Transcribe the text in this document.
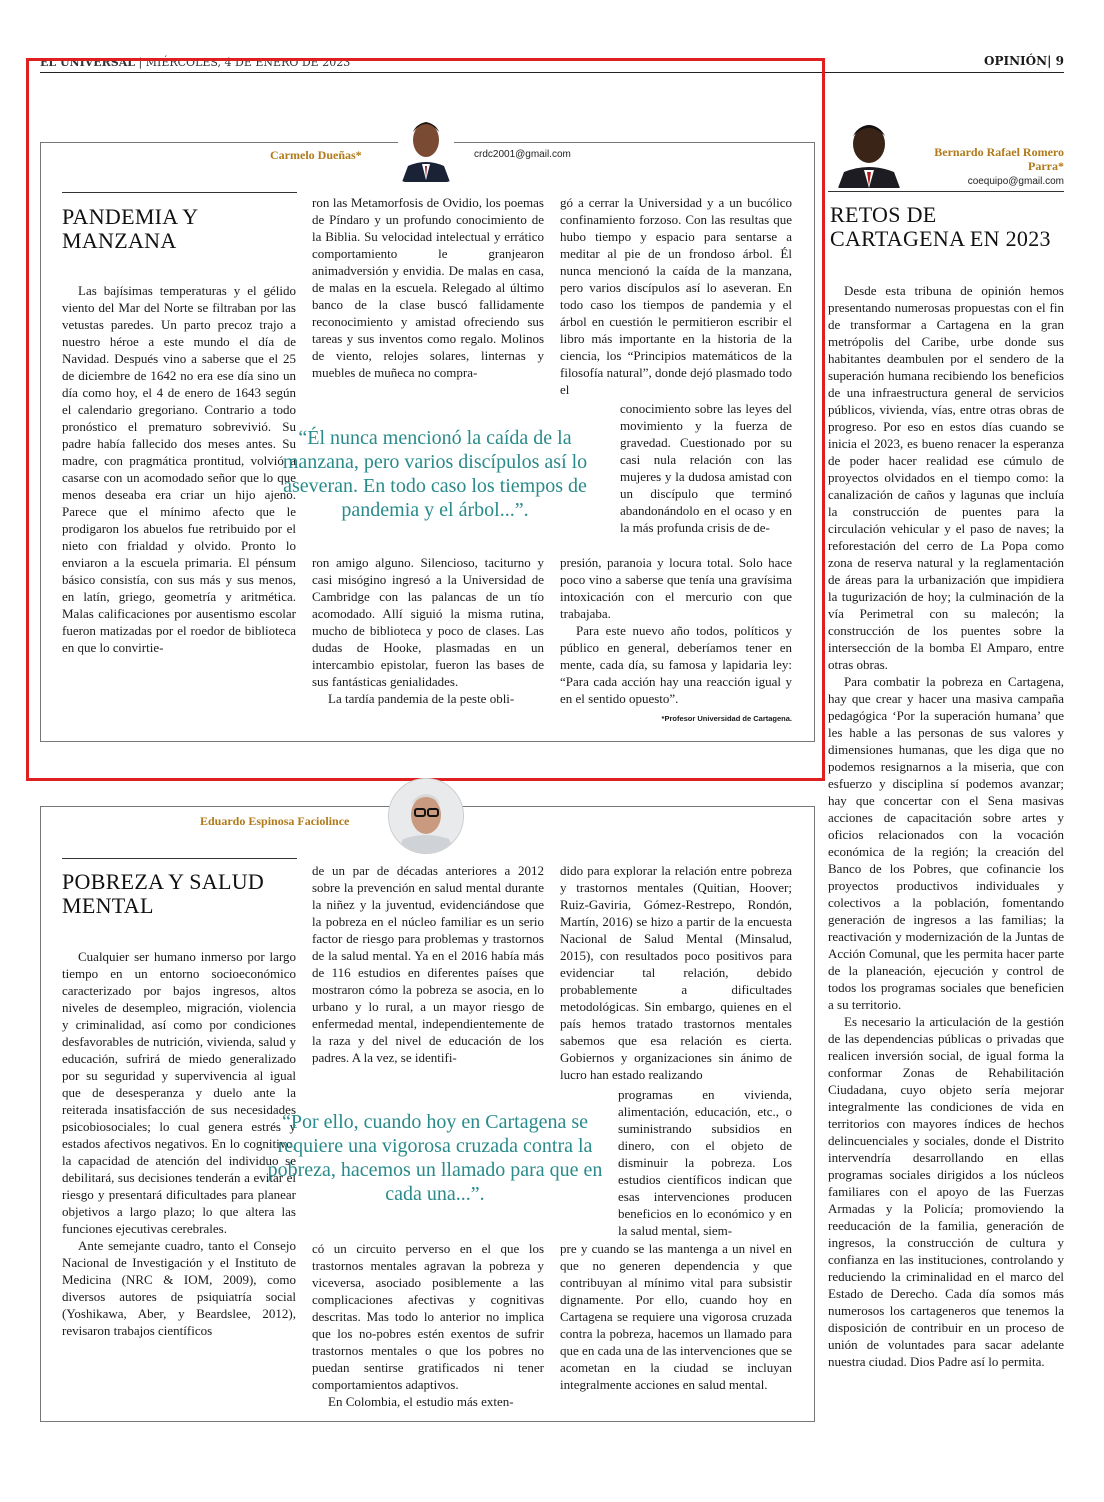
EL UNIVERSAL | MIÉRCOLES, 4 DE ENERO DE 2023	OPINIÓN| 9
Carmelo Dueñas*	crdc2001@gmail.com
PANDEMIA Y MANZANA

Las bajísimas temperaturas y el gélido viento del Mar del Norte se filtraban por las vetustas paredes. Un parto precoz trajo a nuestro héroe a este mundo el día de Navidad. Después vino a saberse que el 25 de diciembre de 1642 no era ese día sino un día como hoy, el 4 de enero de 1643 según el calendario gregoriano. Contrario a todo pronóstico el prematuro sobrevivió. Su padre había fallecido dos meses antes. Su madre, con pragmática prontitud, volvió a casarse con un acomodado señor que lo que menos deseaba era criar un hijo ajeno. Parece que el mínimo afecto que le prodigaron los abuelos fue retribuido por el nieto con frialdad y olvido. Pronto lo enviaron a la escuela primaria. El pénsum básico consistía, con sus más y sus menos, en latín, griego, geometría y aritmética. Malas calificaciones por ausentismo escolar fueron matizadas por el roedor de biblioteca en que lo convirtie-

ron las Metamorfosis de Ovidio, los poemas de Píndaro y un profundo conocimiento de la Biblia. Su velocidad intelectual y errático comportamiento le granjearon animadversión y envidia. De malas en casa, de malas en la escuela. Relegado al último banco de la clase buscó fallidamente reconocimiento y amistad ofreciendo sus tareas y sus inventos como regalo. Molinos de viento, relojes solares, linternas y muebles de muñeca no compra-

“Él nunca mencionó la caída de la manzana, pero varios discípulos así lo aseveran. En todo caso los tiempos de pandemia y el árbol...”.

ron amigo alguno. Silencioso, taciturno y casi misógino ingresó a la Universidad de Cambridge con las palancas de un tío acomodado. Allí siguió la misma rutina, mucho de biblioteca y poco de clases. Las dudas de Hooke, plasmadas en un intercambio epistolar, fueron las bases de sus fantásticas genialidades.

La tardía pandemia de la peste obli-

gó a cerrar la Universidad y a un bucólico confinamiento forzoso. Con las resultas que hubo tiempo y espacio para sentarse a meditar al pie de un frondoso árbol. Él nunca mencionó la caída de la manzana, pero varios discípulos así lo aseveran. En todo caso los tiempos de pandemia y el árbol en cuestión le permitieron escribir el libro más importante en la historia de la ciencia, los “Principios matemáticos de la filosofía natural”, donde dejó plasmado todo el

conocimiento sobre las leyes del movimiento y la fuerza de gravedad. Cuestionado por su casi nula relación con las mujeres y la dudosa amistad con un discípulo que terminó abandonándolo en el ocaso y en la más profunda crisis de de-

presión, paranoia y locura total. Solo hace poco vino a saberse que tenía una gravísima intoxicación con el mercurio con que trabajaba.

Para este nuevo año todos, políticos y público en general, deberíamos tener en mente, cada día, su famosa y lapidaria ley: “Para cada acción hay una reacción igual y en el sentido opuesto”.

*Profesor Universidad de Cartagena.
Eduardo Espinosa Faciolince
POBREZA Y SALUD MENTAL

Cualquier ser humano inmerso por largo tiempo en un entorno socioeconómico caracterizado por bajos ingresos, altos niveles de desempleo, migración, violencia y criminalidad, así como por condiciones desfavorables de nutrición, vivienda, salud y educación, sufrirá de miedo generalizado por su seguridad y supervivencia al igual que de desesperanza y duelo ante la reiterada insatisfacción de sus necesidades psicobiosociales; lo cual genera estrés y estados afectivos negativos. En lo cognitivo, la capacidad de atención del individuo se debilitará, sus decisiones tenderán a evitar el riesgo y presentará dificultades para planear objetivos a largo plazo; lo que altera las funciones ejecutivas cerebrales.

Ante semejante cuadro, tanto el Consejo Nacional de Investigación y el Instituto de Medicina (NRC & IOM, 2009), como diversos autores de psiquiatría social (Yoshikawa, Aber, y Beardslee, 2012), revisaron trabajos científicos

de un par de décadas anteriores a 2012 sobre la prevención en salud mental durante la niñez y la juventud, evidenciándose que la pobreza en el núcleo familiar es un serio factor de riesgo para problemas y trastornos de la salud mental. Ya en el 2016 había más de 116 estudios en diferentes países que mostraron cómo la pobreza se asocia, en lo urbano y lo rural, a un mayor riesgo de enfermedad mental, independientemente de la raza y del nivel de educación de los padres. A la vez, se identifi-

“Por ello, cuando hoy en Cartagena se requiere una vigorosa cruzada contra la pobreza, hacemos un llamado para que en cada una...”.

có un circuito perverso en el que los trastornos mentales agravan la pobreza y viceversa, asociado posiblemente a las complicaciones afectivas y cognitivas descritas. Mas todo lo anterior no implica que los no-pobres estén exentos de sufrir trastornos mentales o que los pobres no puedan sentirse gratificados ni tener comportamientos adaptivos.

En Colombia, el estudio más exten-

dido para explorar la relación entre pobreza y trastornos mentales (Quitian, Hoover; Ruiz-Gaviria, Gómez-Restrepo, Rondón, Martín, 2016) se hizo a partir de la encuesta Nacional de Salud Mental (Minsalud, 2015), con resultados poco positivos para evidenciar tal relación, debido probablemente a dificultades metodológicas. Sin embargo, quienes en el país hemos tratado trastornos mentales sabemos que esa relación es cierta. Gobiernos y organizaciones sin ánimo de lucro han estado realizando

programas en vivienda, alimentación, educación, etc., o suministrando subsidios en dinero, con el objeto de disminuir la pobreza. Los estudios científicos indican que esas intervenciones producen beneficios en lo económico y en la salud mental, siem-

pre y cuando se las mantenga a un nivel en que no generen dependencia y que contribuyan al mínimo vital para subsistir dignamente. Por ello, cuando hoy en Cartagena se requiere una vigorosa cruzada contra la pobreza, hacemos un llamado para que en cada una de las intervenciones que se acometan en la ciudad se incluyan integralmente acciones en salud mental.

Bernardo Rafael Romero Parra*
coequipo@gmail.com
RETOS DE CARTAGENA EN 2023

Desde esta tribuna de opinión hemos presentando numerosas propuestas con el fin de transformar a Cartagena en la gran metrópolis del Caribe, urbe donde sus habitantes deambulen por el sendero de la superación humana recibiendo los beneficios de una infraestructura general de servicios públicos, vivienda, vías, entre otras obras de progreso. Por eso en estos días cuando se inicia el 2023, es bueno renacer la esperanza de poder hacer realidad ese cúmulo de proyectos olvidados en el tiempo como: la canalización de caños y lagunas que incluía la construcción de puentes para la circulación vehicular y el paso de naves; la reforestación del cerro de La Popa como zona de reserva natural y la reglamentación de áreas para la urbanización que impidiera la tugurización de hoy; la culminación de la vía Perimetral con su malecón; la construcción de los puentes sobre la intersección de la bomba El Amparo, entre otras obras.

Para combatir la pobreza en Cartagena, hay que crear y hacer una masiva campaña pedagógica ‘Por la superación humana’ que les hable a las personas de sus valores y dimensiones humanas, que les diga que no podemos resignarnos a la miseria, que con esfuerzo y disciplina sí podemos avanzar; hay que concertar con el Sena masivas acciones de capacitación sobre artes y oficios relacionados con la vocación económica de la región; la creación del Banco de los Pobres, que cofinancie los proyectos productivos individuales y colectivos a la población, fomentando generación de ingresos a las familias; la reactivación y modernización de la Juntas de Acción Comunal, que les permita hacer parte de la planeación, ejecución y control de todos los programas sociales que beneficien a su territorio.

Es necesario la articulación de la gestión de las dependencias públicas o privadas que realicen inversión social, de igual forma la conformar Zonas de Rehabilitación Ciudadana, cuyo objeto sería mejorar integralmente las condiciones de vida en territorios con mayores índices de hechos delincuenciales y sociales, donde el Distrito intervendría desarrollando en ellas programas sociales dirigidos a los núcleos familiares con el apoyo de las Fuerzas Armadas y la Policía; promoviendo la reeducación de la familia, generación de ingresos, la construcción de cultura y confianza en las instituciones, controlando y reduciendo la criminalidad en el marco del Estado de Derecho. Cada día somos más numerosos los cartageneros que tenemos la disposición de contribuir en un proceso de unión de voluntades para sacar adelante nuestra ciudad. Dios Padre así lo permita.
